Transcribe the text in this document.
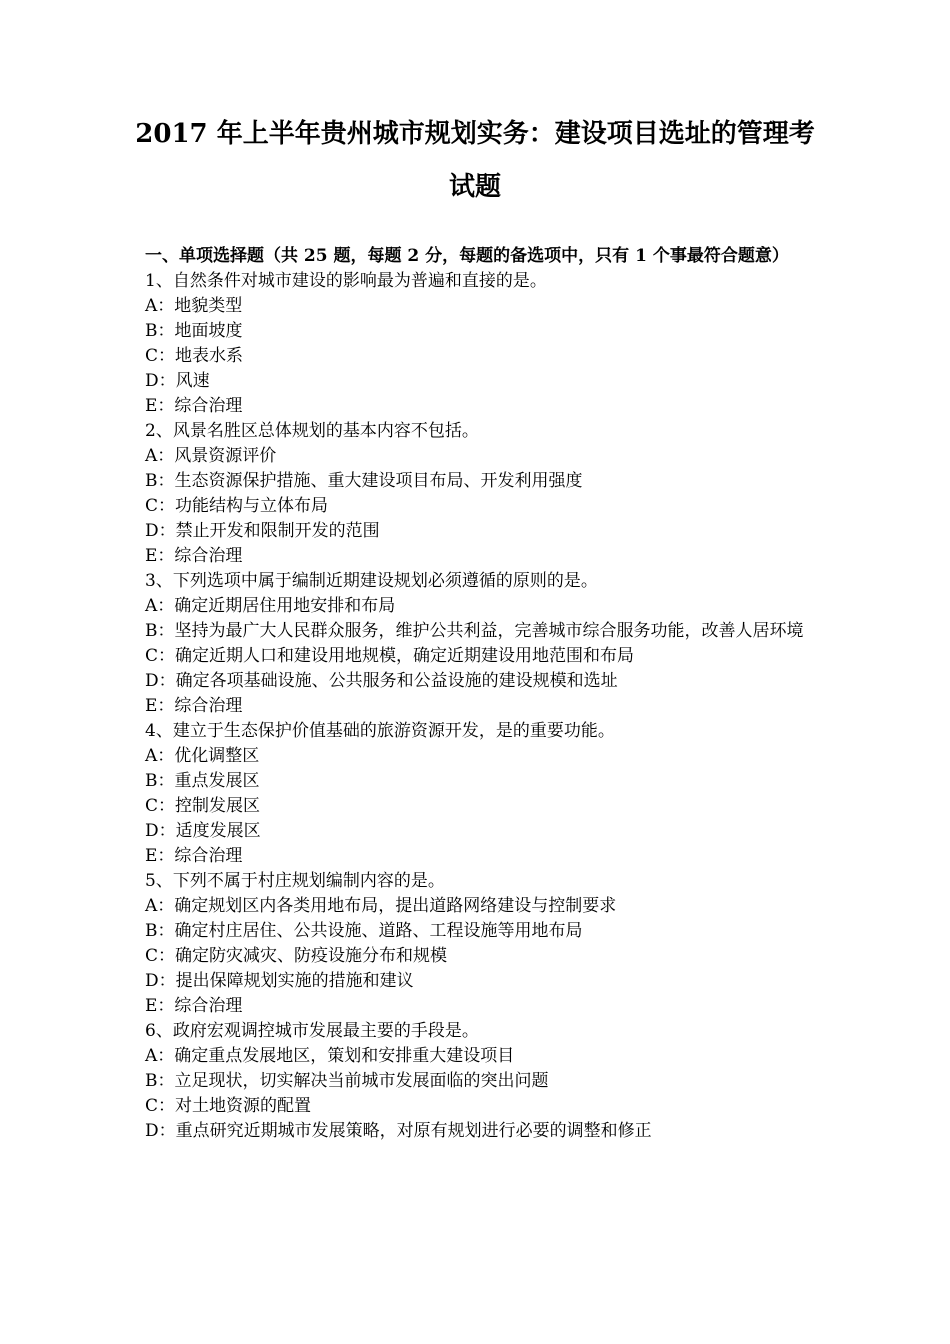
2017 年上半年贵州城市规划实务：建设项目选址的管理考
试题
一、单项选择题（共 25 题，每题 2 分，每题的备选项中，只有 1 个事最符合题意）
1、自然条件对城市建设的影响最为普遍和直接的是。
A：地貌类型
B：地面坡度
C：地表水系
D：风速
E：综合治理
2、风景名胜区总体规划的基本内容不包括。
A：风景资源评价
B：生态资源保护措施、重大建设项目布局、开发利用强度
C：功能结构与立体布局
D：禁止开发和限制开发的范围
E：综合治理
3、下列选项中属于编制近期建设规划必须遵循的原则的是。
A：确定近期居住用地安排和布局
B：坚持为最广大人民群众服务，维护公共利益，完善城市综合服务功能，改善人居环境
C：确定近期人口和建设用地规模，确定近期建设用地范围和布局
D：确定各项基础设施、公共服务和公益设施的建设规模和选址
E：综合治理
4、建立于生态保护价值基础的旅游资源开发，是的重要功能。
A：优化调整区
B：重点发展区
C：控制发展区
D：适度发展区
E：综合治理
5、下列不属于村庄规划编制内容的是。
A：确定规划区内各类用地布局，提出道路网络建设与控制要求
B：确定村庄居住、公共设施、道路、工程设施等用地布局
C：确定防灾减灾、防疫设施分布和规模
D：提出保障规划实施的措施和建议
E：综合治理
6、政府宏观调控城市发展最主要的手段是。
A：确定重点发展地区，策划和安排重大建设项目
B：立足现状，切实解决当前城市发展面临的突出问题
C：对土地资源的配置
D：重点研究近期城市发展策略，对原有规划进行必要的调整和修正
